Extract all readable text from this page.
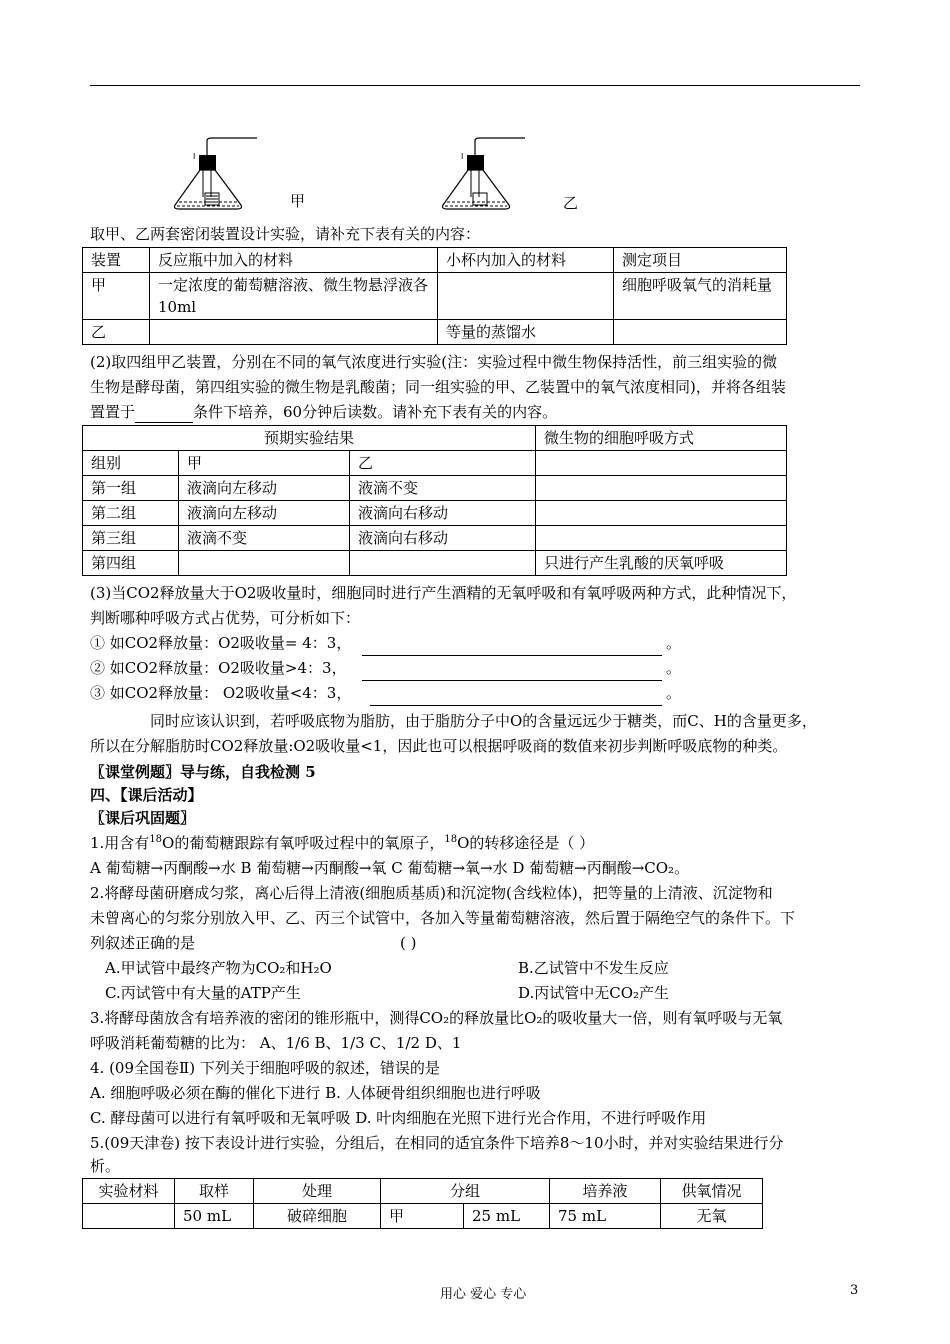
I	I
甲	乙
取甲、乙两套密闭装置设计实验，请补充下表有关的内容：
装置	反应瓶中加入的材料	小杯内加入的材料	测定项目
甲	一定浓度的葡萄糖溶液、微生物悬浮液各10ml		细胞呼吸氧气的消耗量
乙		等量的蒸馏水	
(2)取四组甲乙装置，分别在不同的氧气浓度进行实验(注：实验过程中微生物保持活性，前三组实验的微
生物是酵母菌，第四组实验的微生物是乳酸菌；同一组实验的甲、乙装置中的氧气浓度相同)，并将各组装
置置于	条件下培养，60分钟后读数。请补充下表有关的内容。
预期实验结果			微生物的细胞呼吸方式
组别	甲	乙	
第一组	液滴向左移动	液滴不变	
第二组	液滴向左移动	液滴向右移动	
第三组	液滴不变	液滴向右移动	
第四组			只进行产生乳酸的厌氧呼吸
(3)当CO2释放量大于O2吸收量时，细胞同时进行产生酒精的无氧呼吸和有氧呼吸两种方式，此种情况下，
判断哪种呼吸方式占优势，可分析如下：
① 如CO2释放量：O2吸收量= 4：3，	。
② 如CO2释放量：O2吸收量>4：3，	。
③ 如CO2释放量： O2吸收量<4：3，	。
同时应该认识到，若呼吸底物为脂肪，由于脂肪分子中O的含量远远少于糖类，而C、H的含量更多，
所以在分解脂肪时CO2释放量:O2吸收量<1，因此也可以根据呼吸商的数值来初步判断呼吸底物的种类。
〖课堂例题〗导与练，自我检测 5
四、【课后活动】
〖课后巩固题〗
1.用含有$^{18}$O的葡萄糖跟踪有氧呼吸过程中的氧原子，$^{18}$O的转移途径是（ ）
A 葡萄糖→丙酮酸→水 B 葡萄糖→丙酮酸→氧 C 葡萄糖→氧→水 D 葡萄糖→丙酮酸→CO₂。
2.将酵母菌研磨成匀浆，离心后得上清液(细胞质基质)和沉淀物(含线粒体)，把等量的上清液、沉淀物和
未曾离心的匀浆分别放入甲、乙、丙三个试管中，各加入等量葡萄糖溶液，然后置于隔绝空气的条件下。下
列叙述正确的是	( )
A.甲试管中最终产物为CO₂和H₂O	B.乙试管中不发生反应
C.丙试管中有大量的ATP产生	D.丙试管中无CO₂产生
3.将酵母菌放含有培养液的密闭的锥形瓶中，测得CO₂的释放量比O₂的吸收量大一倍，则有氧呼吸与无氧
呼吸消耗葡萄糖的比为： A、1/6 B、1/3 C、1/2 D、1
4. (09全国卷Ⅱ) 下列关于细胞呼吸的叙述，错误的是
A. 细胞呼吸必须在酶的催化下进行 B. 人体硬骨组织细胞也进行呼吸
C. 酵母菌可以进行有氧呼吸和无氧呼吸 D. 叶肉细胞在光照下进行光合作用，不进行呼吸作用
5.(09天津卷) 按下表设计进行实验，分组后，在相同的适宜条件下培养8～10小时，并对实验结果进行分
析。
实验材料	取样	处理	分组		培养液	供氧情况
	50 mL	破碎细胞	甲	25 mL	75 mL	无氧
用心 爱心 专心	3
